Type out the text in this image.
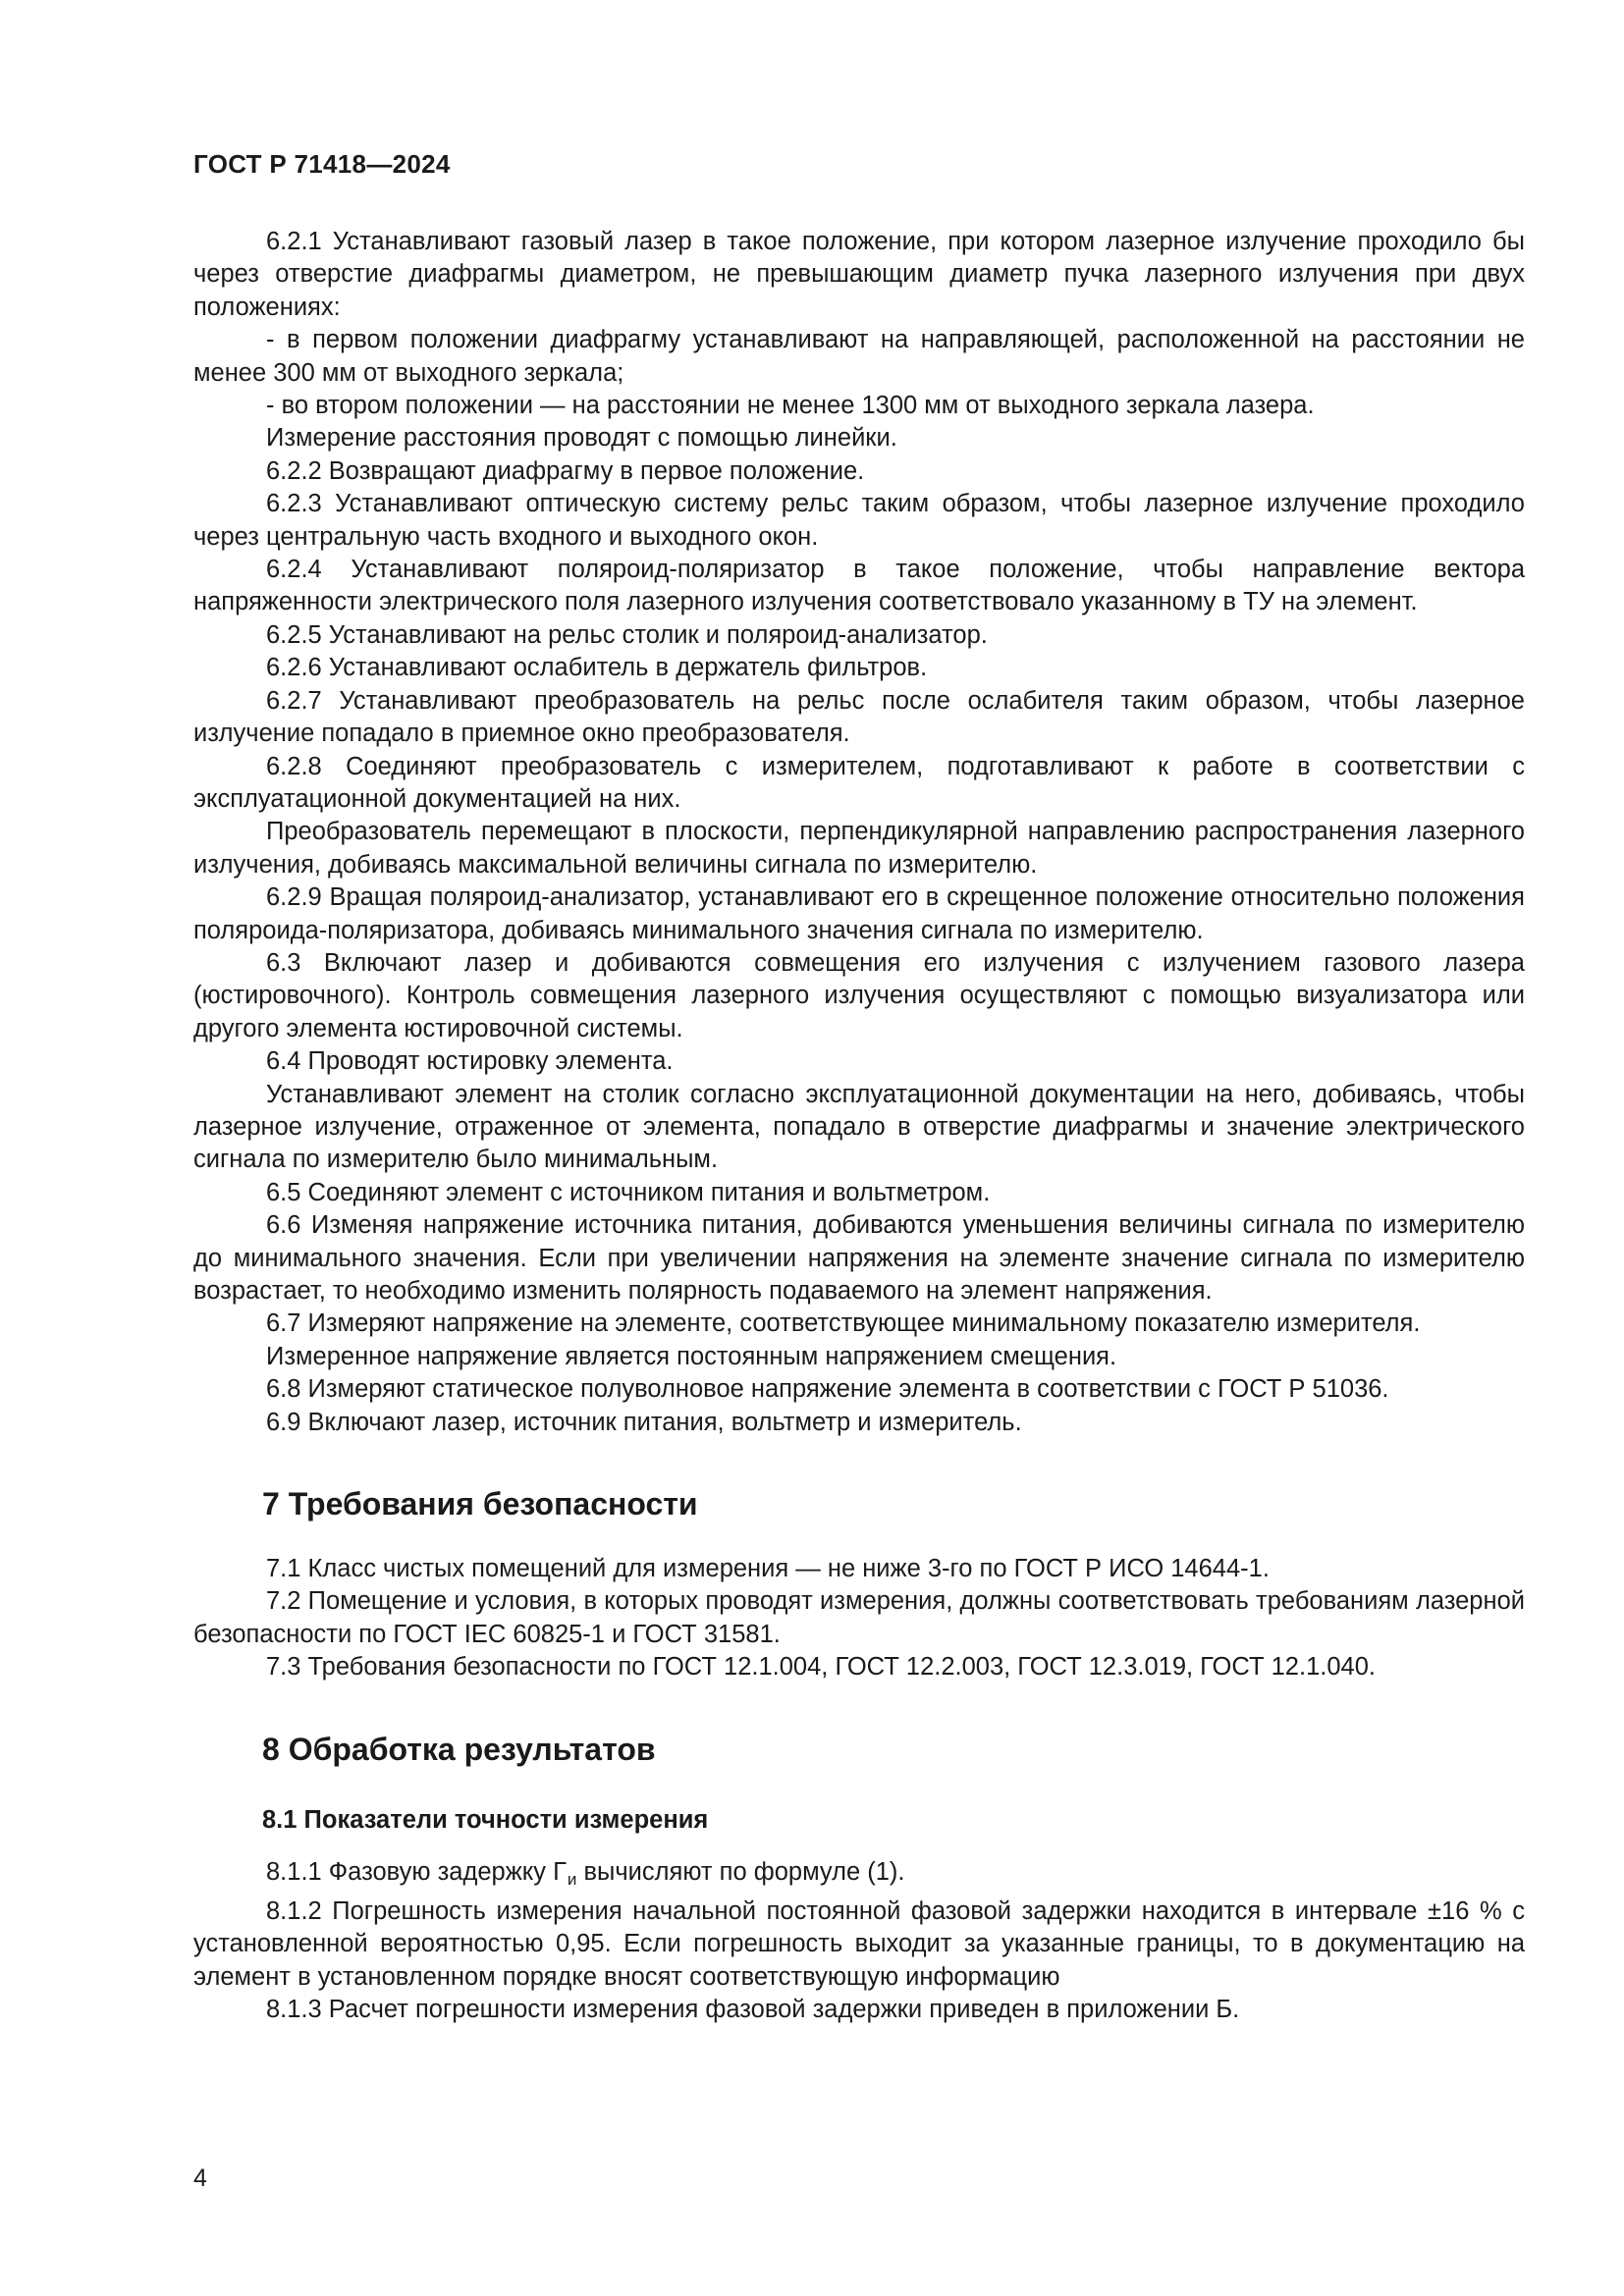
ГОСТ Р 71418—2024

6.2.1 Устанавливают газовый лазер в такое положение, при котором лазерное излучение проходило бы через отверстие диафрагмы диаметром, не превышающим диаметр пучка лазерного излучения при двух положениях:

- в первом положении диафрагму устанавливают на направляющей, расположенной на расстоянии не менее 300 мм от выходного зеркала;

- во втором положении — на расстоянии не менее 1300 мм от выходного зеркала лазера.

Измерение расстояния проводят с помощью линейки.

6.2.2 Возвращают диафрагму в первое положение.

6.2.3 Устанавливают оптическую систему рельс таким образом, чтобы лазерное излучение проходило через центральную часть входного и выходного окон.

6.2.4 Устанавливают поляроид-поляризатор в такое положение, чтобы направление вектора напряженности электрического поля лазерного излучения соответствовало указанному в ТУ на элемент.

6.2.5 Устанавливают на рельс столик и поляроид-анализатор.

6.2.6 Устанавливают ослабитель в держатель фильтров.

6.2.7 Устанавливают преобразователь на рельс после ослабителя таким образом, чтобы лазерное излучение попадало в приемное окно преобразователя.

6.2.8 Соединяют преобразователь с измерителем, подготавливают к работе в соответствии с эксплуатационной документацией на них.

Преобразователь перемещают в плоскости, перпендикулярной направлению распространения лазерного излучения, добиваясь максимальной величины сигнала по измерителю.

6.2.9 Вращая поляроид-анализатор, устанавливают его в скрещенное положение относительно положения поляроида-поляризатора, добиваясь минимального значения сигнала по измерителю.

6.3 Включают лазер и добиваются совмещения его излучения с излучением газового лазера (юстировочного). Контроль совмещения лазерного излучения осуществляют с помощью визуализатора или другого элемента юстировочной системы.

6.4 Проводят юстировку элемента.

Устанавливают элемент на столик согласно эксплуатационной документации на него, добиваясь, чтобы лазерное излучение, отраженное от элемента, попадало в отверстие диафрагмы и значение электрического сигнала по измерителю было минимальным.

6.5 Соединяют элемент с источником питания и вольтметром.

6.6 Изменяя напряжение источника питания, добиваются уменьшения величины сигнала по измерителю до минимального значения. Если при увеличении напряжения на элементе значение сигнала по измерителю возрастает, то необходимо изменить полярность подаваемого на элемент напряжения.

6.7 Измеряют напряжение на элементе, соответствующее минимальному показателю измерителя.

Измеренное напряжение является постоянным напряжением смещения.

6.8 Измеряют статическое полуволновое напряжение элемента в соответствии с ГОСТ Р 51036.

6.9 Включают лазер, источник питания, вольтметр и измеритель.

7 Требования безопасности

7.1 Класс чистых помещений для измерения — не ниже 3-го по ГОСТ Р ИСО 14644-1.

7.2 Помещение и условия, в которых проводят измерения, должны соответствовать требованиям лазерной безопасности по ГОСТ IEC 60825-1 и ГОСТ 31581.

7.3 Требования безопасности по ГОСТ 12.1.004, ГОСТ 12.2.003, ГОСТ 12.3.019, ГОСТ 12.1.040.

8 Обработка результатов
8.1 Показатели точности измерения

8.1.1 Фазовую задержку $Г_и$ вычисляют по формуле (1).

8.1.2 Погрешность измерения начальной постоянной фазовой задержки находится в интервале ±16 % с установленной вероятностью 0,95. Если погрешность выходит за указанные границы, то в документацию на элемент в установленном порядке вносят соответствующую информацию

8.1.3 Расчет погрешности измерения фазовой задержки приведен в приложении Б.

4
